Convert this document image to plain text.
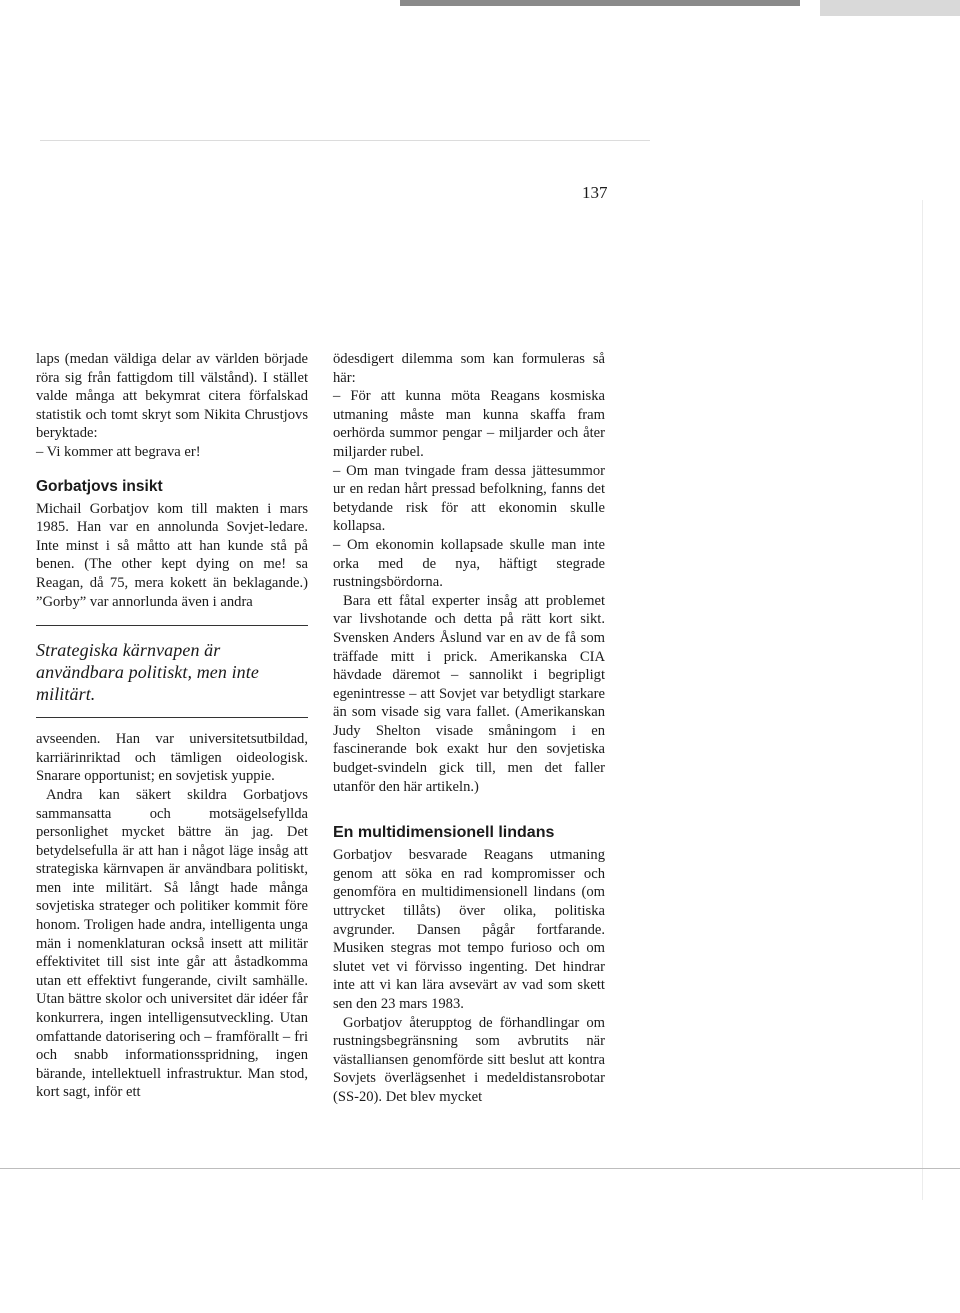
137

laps (medan väldiga delar av världen började röra sig från fattigdom till välstånd). I stället valde många att bekymrat citera förfalskad statistik och tomt skryt som Nikita Chrustjovs beryktade:

– Vi kommer att begrava er!

Gorbatjovs insikt

Michail Gorbatjov kom till makten i mars 1985. Han var en annolunda Sovjet-ledare. Inte minst i så måtto att han kunde stå på benen. (The other kept dying on me! sa Reagan, då 75, mera kokett än beklagande.) ”Gorby” var annorlunda även i andra

Strategiska kärnvapen är användbara politiskt, men inte militärt.

avseenden. Han var universitetsutbildad, karriärinriktad och tämligen oideologisk. Snarare opportunist; en sovjetisk yuppie.

Andra kan säkert skildra Gorbatjovs sammansatta och motsägelsefyllda personlighet mycket bättre än jag. Det betydelsefulla är att han i något läge insåg att strategiska kärnvapen är användbara politiskt, men inte militärt. Så långt hade många sovjetiska strateger och politiker kommit före honom. Troligen hade andra, intelligenta unga män i nomenklaturan också insett att militär effektivitet till sist inte går att åstadkomma utan ett effektivt fungerande, civilt samhälle. Utan bättre skolor och universitet där idéer får konkurrera, ingen intelligensutveckling. Utan omfattande datorisering och – framförallt – fri och snabb informationsspridning, ingen bärande, intellektuell infrastruktur. Man stod, kort sagt, inför ett

ödesdigert dilemma som kan formuleras så här:

– För att kunna möta Reagans kosmiska utmaning måste man kunna skaffa fram oerhörda summor pengar – miljarder och åter miljarder rubel.

– Om man tvingade fram dessa jättesummor ur en redan hårt pressad befolkning, fanns det betydande risk för att ekonomin skulle kollapsa.

– Om ekonomin kollapsade skulle man inte orka med de nya, häftigt stegrade rustningsbördorna.

Bara ett fåtal experter insåg att problemet var livshotande och detta på rätt kort sikt. Svensken Anders Åslund var en av de få som träffade mitt i prick. Amerikanska CIA hävdade däremot – sannolikt i begripligt egenintresse – att Sovjet var betydligt starkare än som visade sig vara fallet. (Amerikanskan Judy Shelton visade småningom i en fascinerande bok exakt hur den sovjetiska budget-svindeln gick till, men det faller utanför den här artikeln.)

En multidimensionell lindans

Gorbatjov besvarade Reagans utmaning genom att söka en rad kompromisser och genomföra en multidimensionell lindans (om uttrycket tillåts) över olika, politiska avgrunder. Dansen pågår fortfarande. Musiken stegras mot tempo furioso och om slutet vet vi förvisso ingenting. Det hindrar inte att vi kan lära avsevärt av vad som skett sen den 23 mars 1983.

Gorbatjov återupptog de förhandlingar om rustningsbegränsning som avbrutits när västalliansen genomförde sitt beslut att kontra Sovjets överlägsenhet i medeldistansrobotar (SS-20). Det blev mycket
